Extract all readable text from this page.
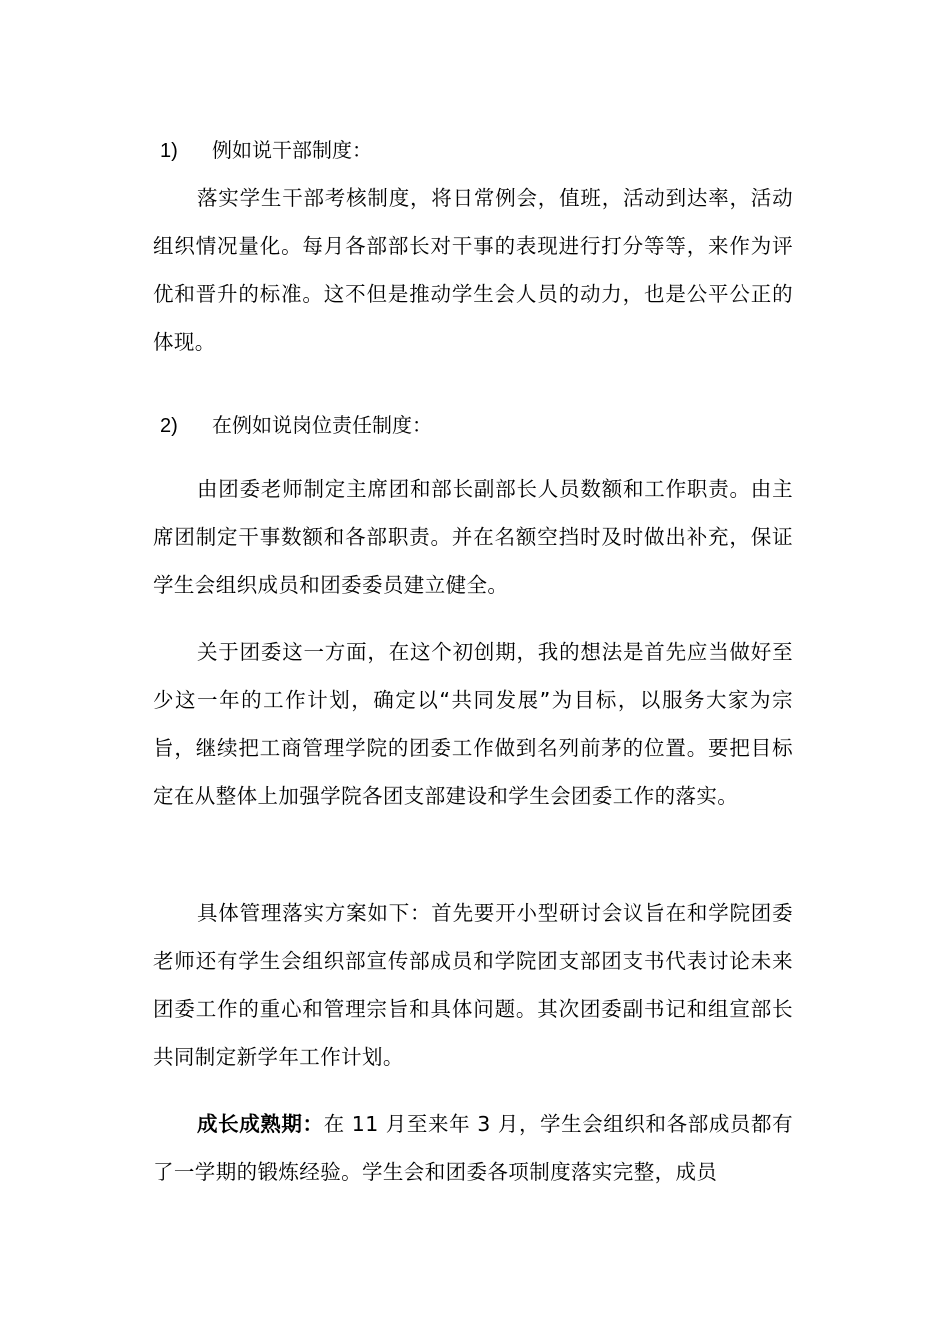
1) 例如说干部制度：

落实学生干部考核制度，将日常例会，值班，活动到达率，活动组织情况量化。每月各部部长对干事的表现进行打分等等，来作为评优和晋升的标准。这不但是推动学生会人员的动力，也是公平公正的体现。

2) 在例如说岗位责任制度：

由团委老师制定主席团和部长副部长人员数额和工作职责。由主席团制定干事数额和各部职责。并在名额空挡时及时做出补充，保证学生会组织成员和团委委员建立健全。

关于团委这一方面，在这个初创期，我的想法是首先应当做好至少这一年的工作计划，确定以“共同发展”为目标，以服务大家为宗旨，继续把工商管理学院的团委工作做到名列前茅的位置。要把目标定在从整体上加强学院各团支部建设和学生会团委工作的落实。

具体管理落实方案如下：首先要开小型研讨会议旨在和学院团委老师还有学生会组织部宣传部成员和学院团支部团支书代表讨论未来团委工作的重心和管理宗旨和具体问题。其次团委副书记和组宣部长共同制定新学年工作计划。

成长成熟期：在 11 月至来年 3 月，学生会组织和各部成员都有了一学期的锻炼经验。学生会和团委各项制度落实完整，成员
